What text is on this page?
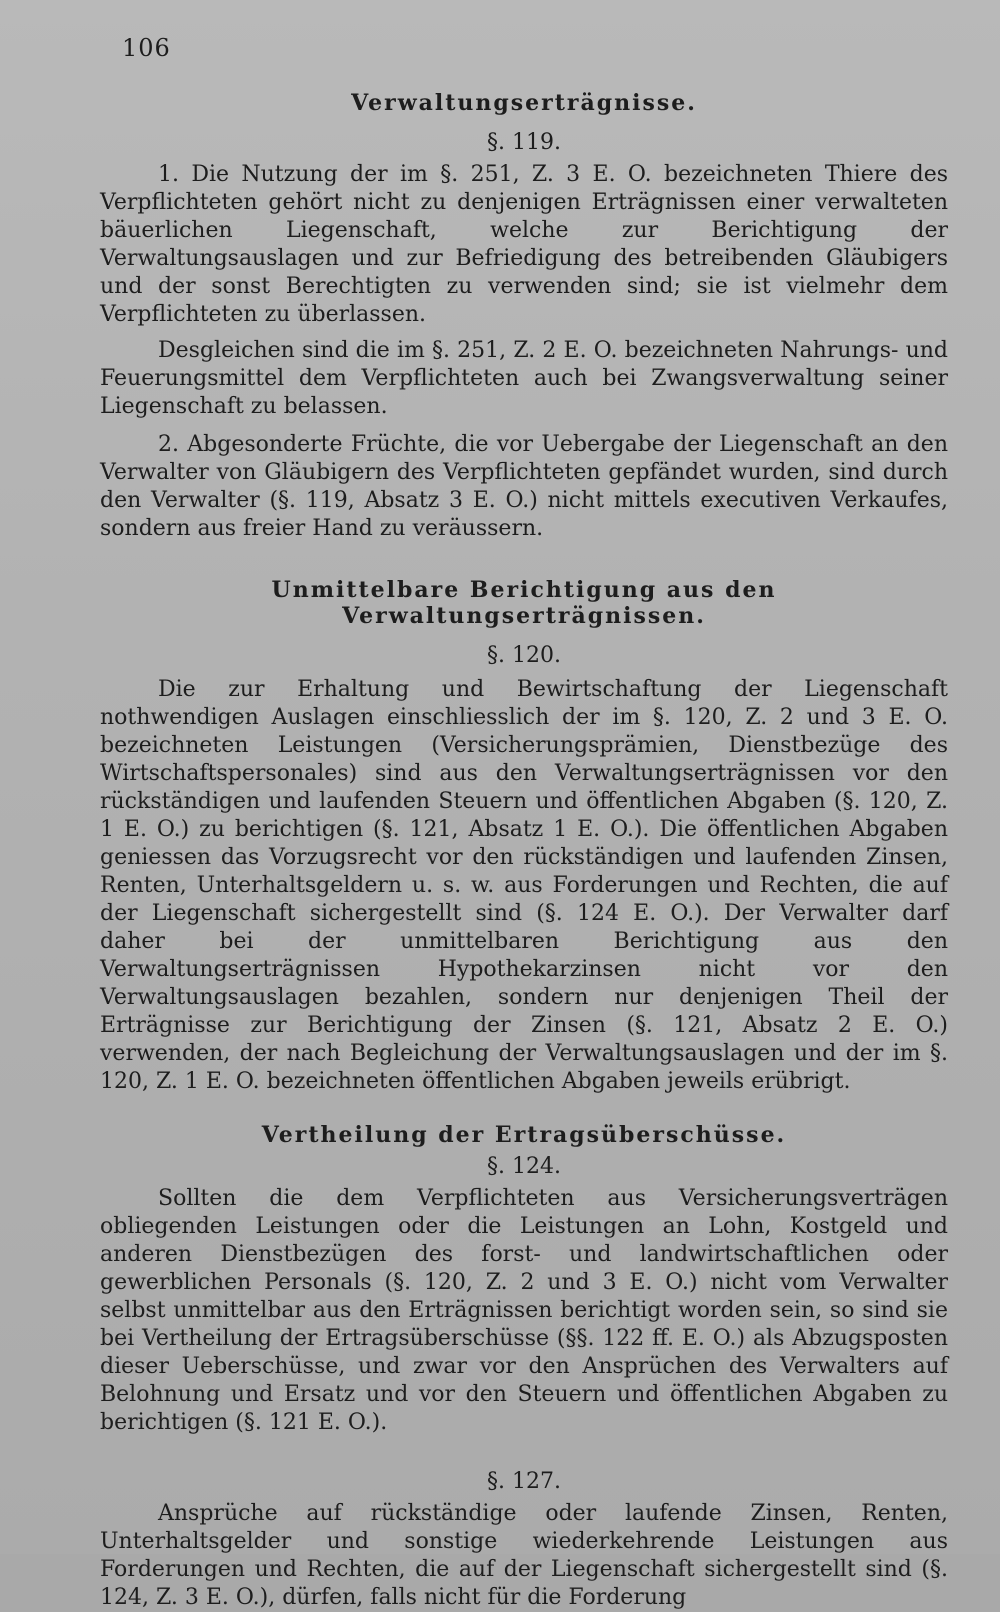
106
Verwaltungserträgnisse.
§. 119.

1. Die Nutzung der im §. 251, Z. 3 E. O. bezeichneten Thiere des Verpflichteten gehört nicht zu denjenigen Erträgnissen einer verwalteten bäuerlichen Liegenschaft, welche zur Berichtigung der Verwaltungsauslagen und zur Befriedigung des betreibenden Gläubigers und der sonst Berechtigten zu verwenden sind; sie ist vielmehr dem Verpflichteten zu überlassen.

Desgleichen sind die im §. 251, Z. 2 E. O. bezeichneten Nahrungs- und Feuerungsmittel dem Verpflichteten auch bei Zwangsverwaltung seiner Liegenschaft zu belassen.

2. Abgesonderte Früchte, die vor Uebergabe der Liegenschaft an den Verwalter von Gläubigern des Verpflichteten gepfändet wurden, sind durch den Verwalter (§. 119, Absatz 3 E. O.) nicht mittels executiven Verkaufes, sondern aus freier Hand zu veräussern.

Unmittelbare Berichtigung aus den Verwaltungserträgnissen.
§. 120.

Die zur Erhaltung und Bewirtschaftung der Liegenschaft nothwendigen Auslagen einschliesslich der im §. 120, Z. 2 und 3 E. O. bezeichneten Leistungen (Versicherungsprämien, Dienstbezüge des Wirtschaftspersonales) sind aus den Verwaltungserträgnissen vor den rückständigen und laufenden Steuern und öffentlichen Abgaben (§. 120, Z. 1 E. O.) zu berichtigen (§. 121, Absatz 1 E. O.). Die öffentlichen Abgaben geniessen das Vorzugsrecht vor den rückständigen und laufenden Zinsen, Renten, Unterhaltsgeldern u. s. w. aus Forderungen und Rechten, die auf der Liegenschaft sichergestellt sind (§. 124 E. O.). Der Verwalter darf daher bei der unmittelbaren Berichtigung aus den Verwaltungserträgnissen Hypothekarzinsen nicht vor den Verwaltungsauslagen bezahlen, sondern nur denjenigen Theil der Erträgnisse zur Berichtigung der Zinsen (§. 121, Absatz 2 E. O.) verwenden, der nach Begleichung der Verwaltungsauslagen und der im §. 120, Z. 1 E. O. bezeichneten öffentlichen Abgaben jeweils erübrigt.

Vertheilung der Ertragsüberschüsse.
§. 124.

Sollten die dem Verpflichteten aus Versicherungsverträgen obliegenden Leistungen oder die Leistungen an Lohn, Kostgeld und anderen Dienstbezügen des forst- und landwirtschaftlichen oder gewerblichen Personals (§. 120, Z. 2 und 3 E. O.) nicht vom Verwalter selbst unmittelbar aus den Erträgnissen berichtigt worden sein, so sind sie bei Vertheilung der Ertragsüberschüsse (§§. 122 ff. E. O.) als Abzugsposten dieser Ueberschüsse, und zwar vor den Ansprüchen des Verwalters auf Belohnung und Ersatz und vor den Steuern und öffentlichen Abgaben zu berichtigen (§. 121 E. O.).

§. 127.

Ansprüche auf rückständige oder laufende Zinsen, Renten, Unterhaltsgelder und sonstige wiederkehrende Leistungen aus Forderungen und Rechten, die auf der Liegenschaft sichergestellt sind (§. 124, Z. 3 E. O.), dürfen, falls nicht für die Forderung
